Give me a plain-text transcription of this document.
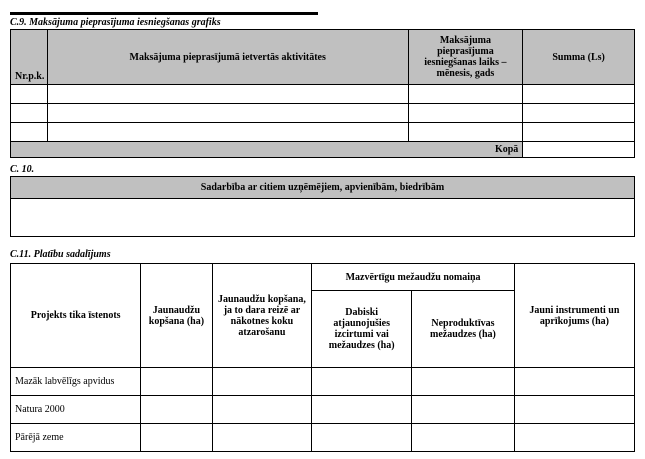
C.9. Maksājuma pieprasījuma iesniegšanas grafiks
Nr.p.k.	Maksājuma pieprasījumā ietvertās aktivitātes	Maksājuma pieprasījuma iesniegšanas laiks – mēnesis, gads	Summa (Ls)

Kopā			
C. 10.
Sadarbība ar citiem uzņēmējiem, apvienībām, biedrībām

C.11. Platību sadalījums
Projekts tika īstenots	Jaunaudžu kopšana (ha)	Jaunaudžu kopšana, ja to dara reizē ar nākotnes koku atzarošanu	Mazvērtīgu mežaudžu nomaiņa		Jauni instrumenti un aprīkojums (ha)
			Dabiski atjaunojušies izcirtumi vai mežaudzes (ha)	Neproduktīvas mežaudzes (ha)	
Mazāk labvēlīgs apvidus					
Natura 2000					
Pārējā zeme					
